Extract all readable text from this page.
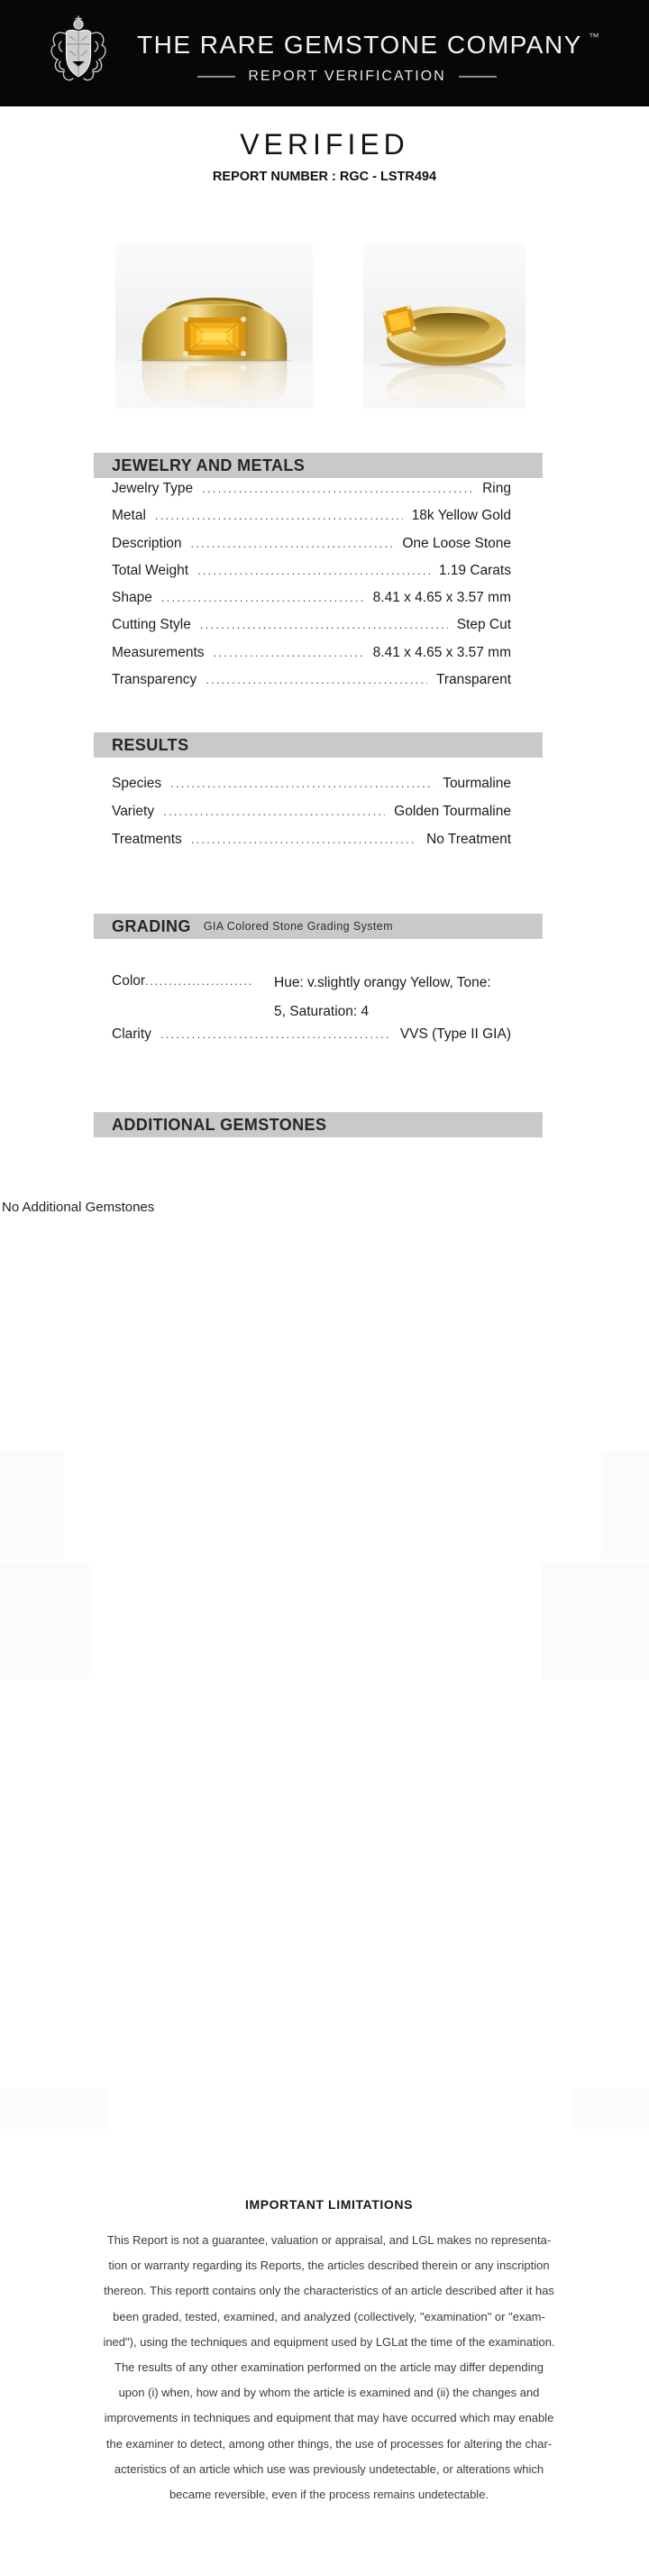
THE RARE GEMSTONE COMPANY ™
REPORT VERIFICATION
VERIFIED
REPORT NUMBER : RGC - LSTR494
JEWELRY AND METALS
Jewelry Type .....	Ring
Metal .....	18k Yellow Gold
Description .....	One Loose Stone
Total Weight .....	1.19 Carats
Shape .....	8.41 x 4.65 x 3.57 mm
Cutting Style .....	Step Cut
Measurements .....	8.41 x 4.65 x 3.57 mm
Transparency .....	Transparent
RESULTS
Species .....	Tourmaline
Variety .....	Golden Tourmaline
Treatments .....	No Treatment
GRADING GIA Colored Stone Grading System
Color .....	Hue: v.slightly orangy Yellow, Tone:
5, Saturation: 4
Clarity .....	VVS (Type II GIA)
ADDITIONAL GEMSTONES
No Additional Gemstones
IMPORTANT LIMITATIONS
This Report is not a guarantee, valuation or appraisal, and LGL makes no representa-
tion or warranty regarding its Reports, the articles described therein or any inscription
thereon. This reportt contains only the characteristics of an article described after it has
been graded, tested, examined, and analyzed (collectively, "examination" or "exam-
ined"), using the techniques and equipment used by LGLat the time of the examination.
The results of any other examination performed on the article may differ depending
upon (i) when, how and by whom the article is examined and (ii) the changes and
improvements in techniques and equipment that may have occurred which may enable
the examiner to detect, among other things, the use of processes for altering the char-
acteristics of an article which use was previously undetectable, or alterations which
became reversible, even if the process remains undetectable.
